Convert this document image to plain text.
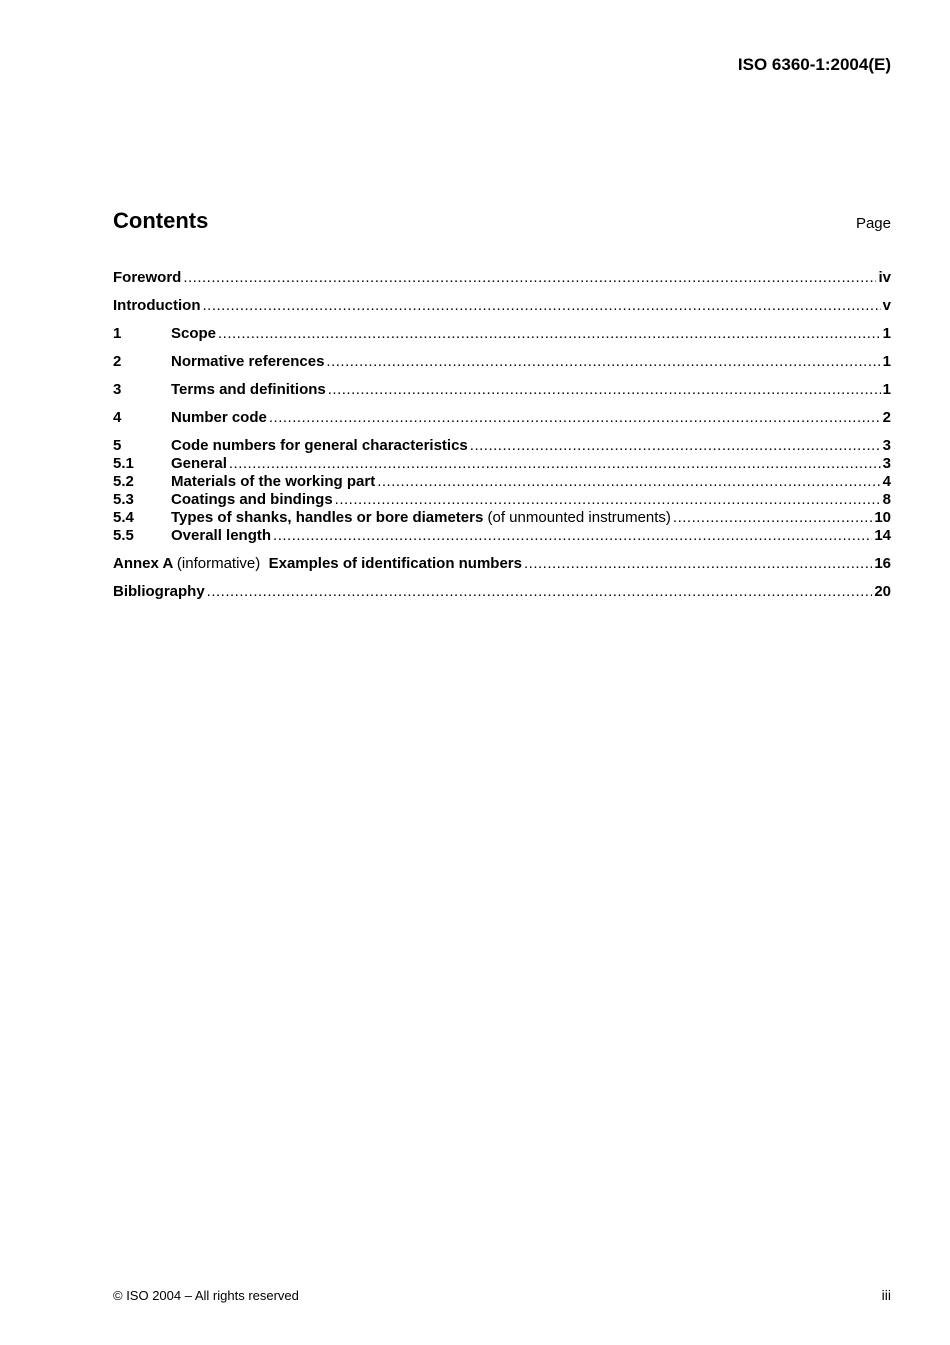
ISO 6360-1:2004(E)
Contents	Page
Foreword .....	iv
Introduction .....	v
1	Scope .....	1
2	Normative references .....	1
3	Terms and definitions .....	1
4	Number code .....	2
5	Code numbers for general characteristics .....	3
5.1	General .....	3
5.2	Materials of the working part .....	4
5.3	Coatings and bindings .....	8
5.4	Types of shanks, handles or bore diameters (of unmounted instruments) .....	10
5.5	Overall length .....	14
Annex A (informative) Examples of identification numbers .....	16
Bibliography .....	20
© ISO 2004 – All rights reserved	iii
